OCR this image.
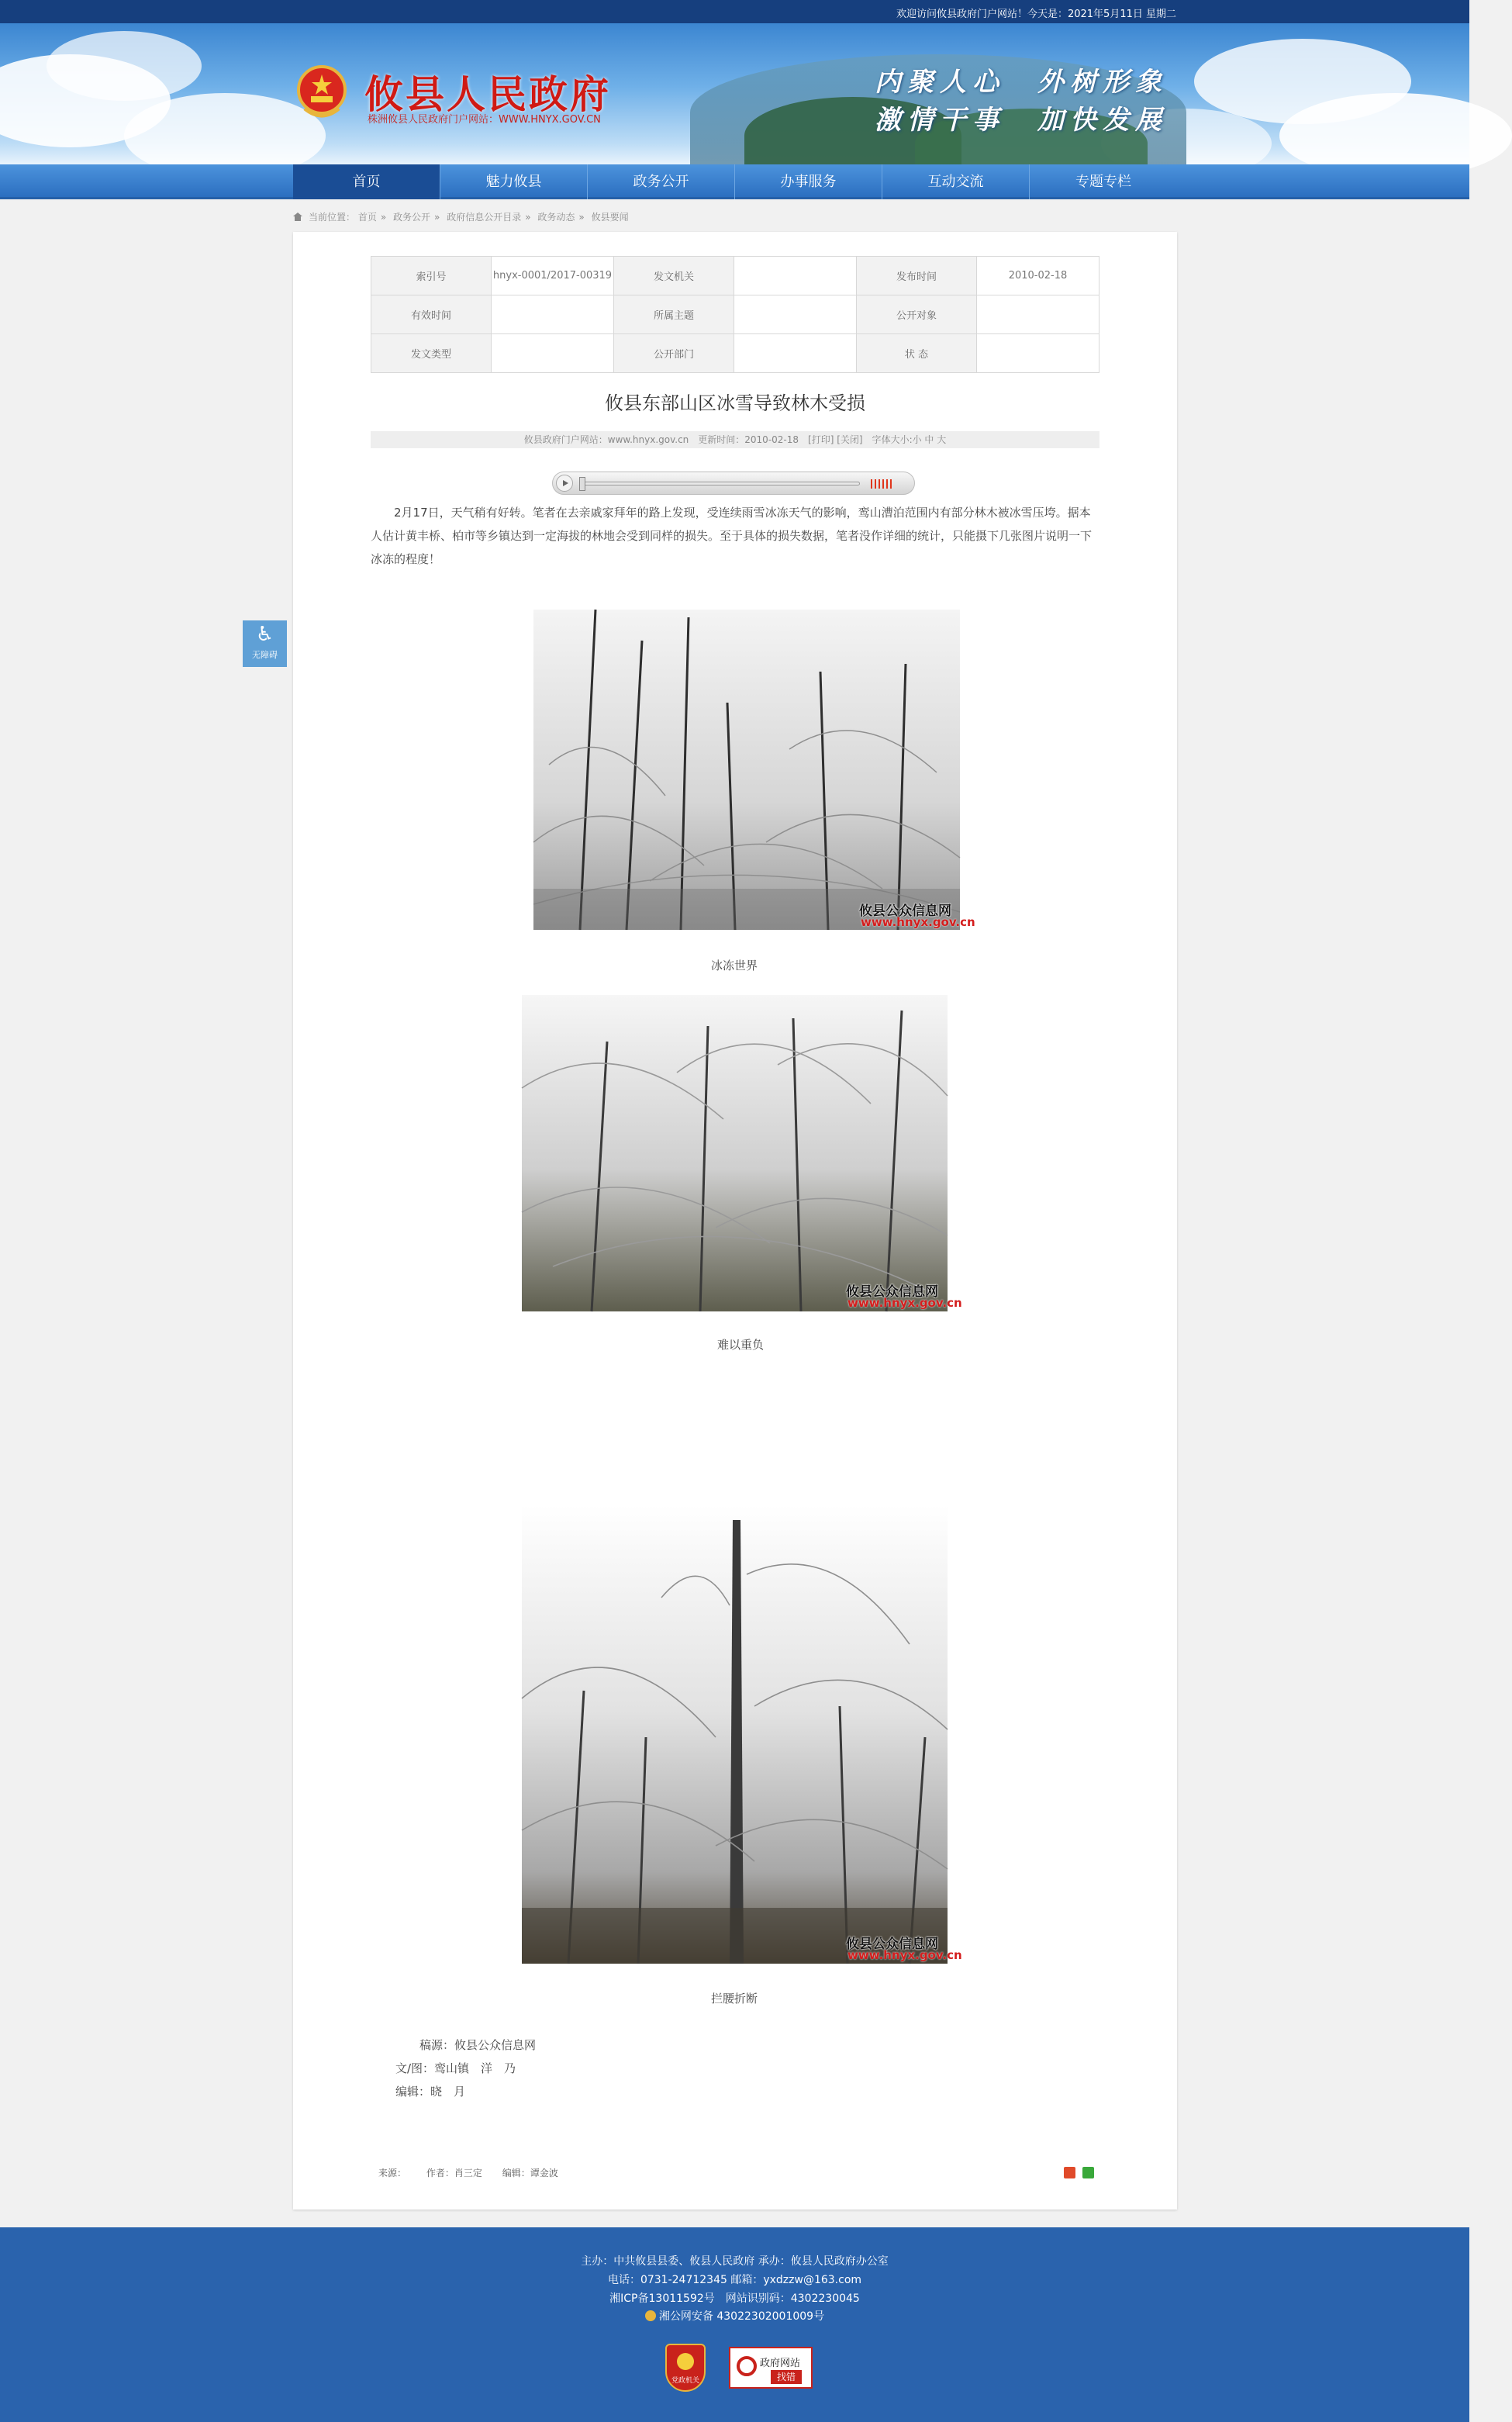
欢迎访问攸县政府门户网站！今天是：2021年5月11日 星期二
攸县人民政府
株洲攸县人民政府门户网站：WWW.HNYX.GOV.CN
内聚人心　外树形象
激情干事　加快发展
首页	魅力攸县	政务公开	办事服务	互动交流	专题专栏
当前位置： 首页 » 政务公开 » 政府信息公开目录 » 政务动态 » 攸县要闻
♿
无障碍
索引号	hnyx-0001/2017-00319	发文机关		发布时间	2010-02-18
有效时间		所属主题		公开对象	
发文类型		公开部门		状 态	
攸县东部山区冰雪导致林木受损
攸县政府门户网站：www.hnyx.gov.cn　更新时间：2010-02-18　[打印] [关闭]　字体大小:小 中 大
2月17日，天气稍有好转。笔者在去亲戚家拜年的路上发现，受连续雨雪冰冻天气的影响，鸾山漕泊范围内有部分林木被冰雪压垮。据本人估计黄丰桥、柏市等乡镇达到一定海拔的林地会受到同样的损失。至于具体的损失数据，笔者没作详细的统计，只能摄下几张图片说明一下冰冻的程度！
攸县公众信息网
www.hnyx.gov.cn
冰冻世界
攸县公众信息网
www.hnyx.gov.cn
难以重负
攸县公众信息网
www.hnyx.gov.cn
拦腰折断
稿源：攸县公众信息网
文/图：鸾山镇　洋　乃
编辑：晓　月
来源： 作者：肖三定 编辑：谭金波
主办：中共攸县县委、攸县人民政府 承办：攸县人民政府办公室
电话：0731-24712345 邮箱：yxdzzw@163.com
湘ICP备13011592号　网站识别码：4302230045
湘公网安备 43022302001009号
党政机关
政府网站
找错
